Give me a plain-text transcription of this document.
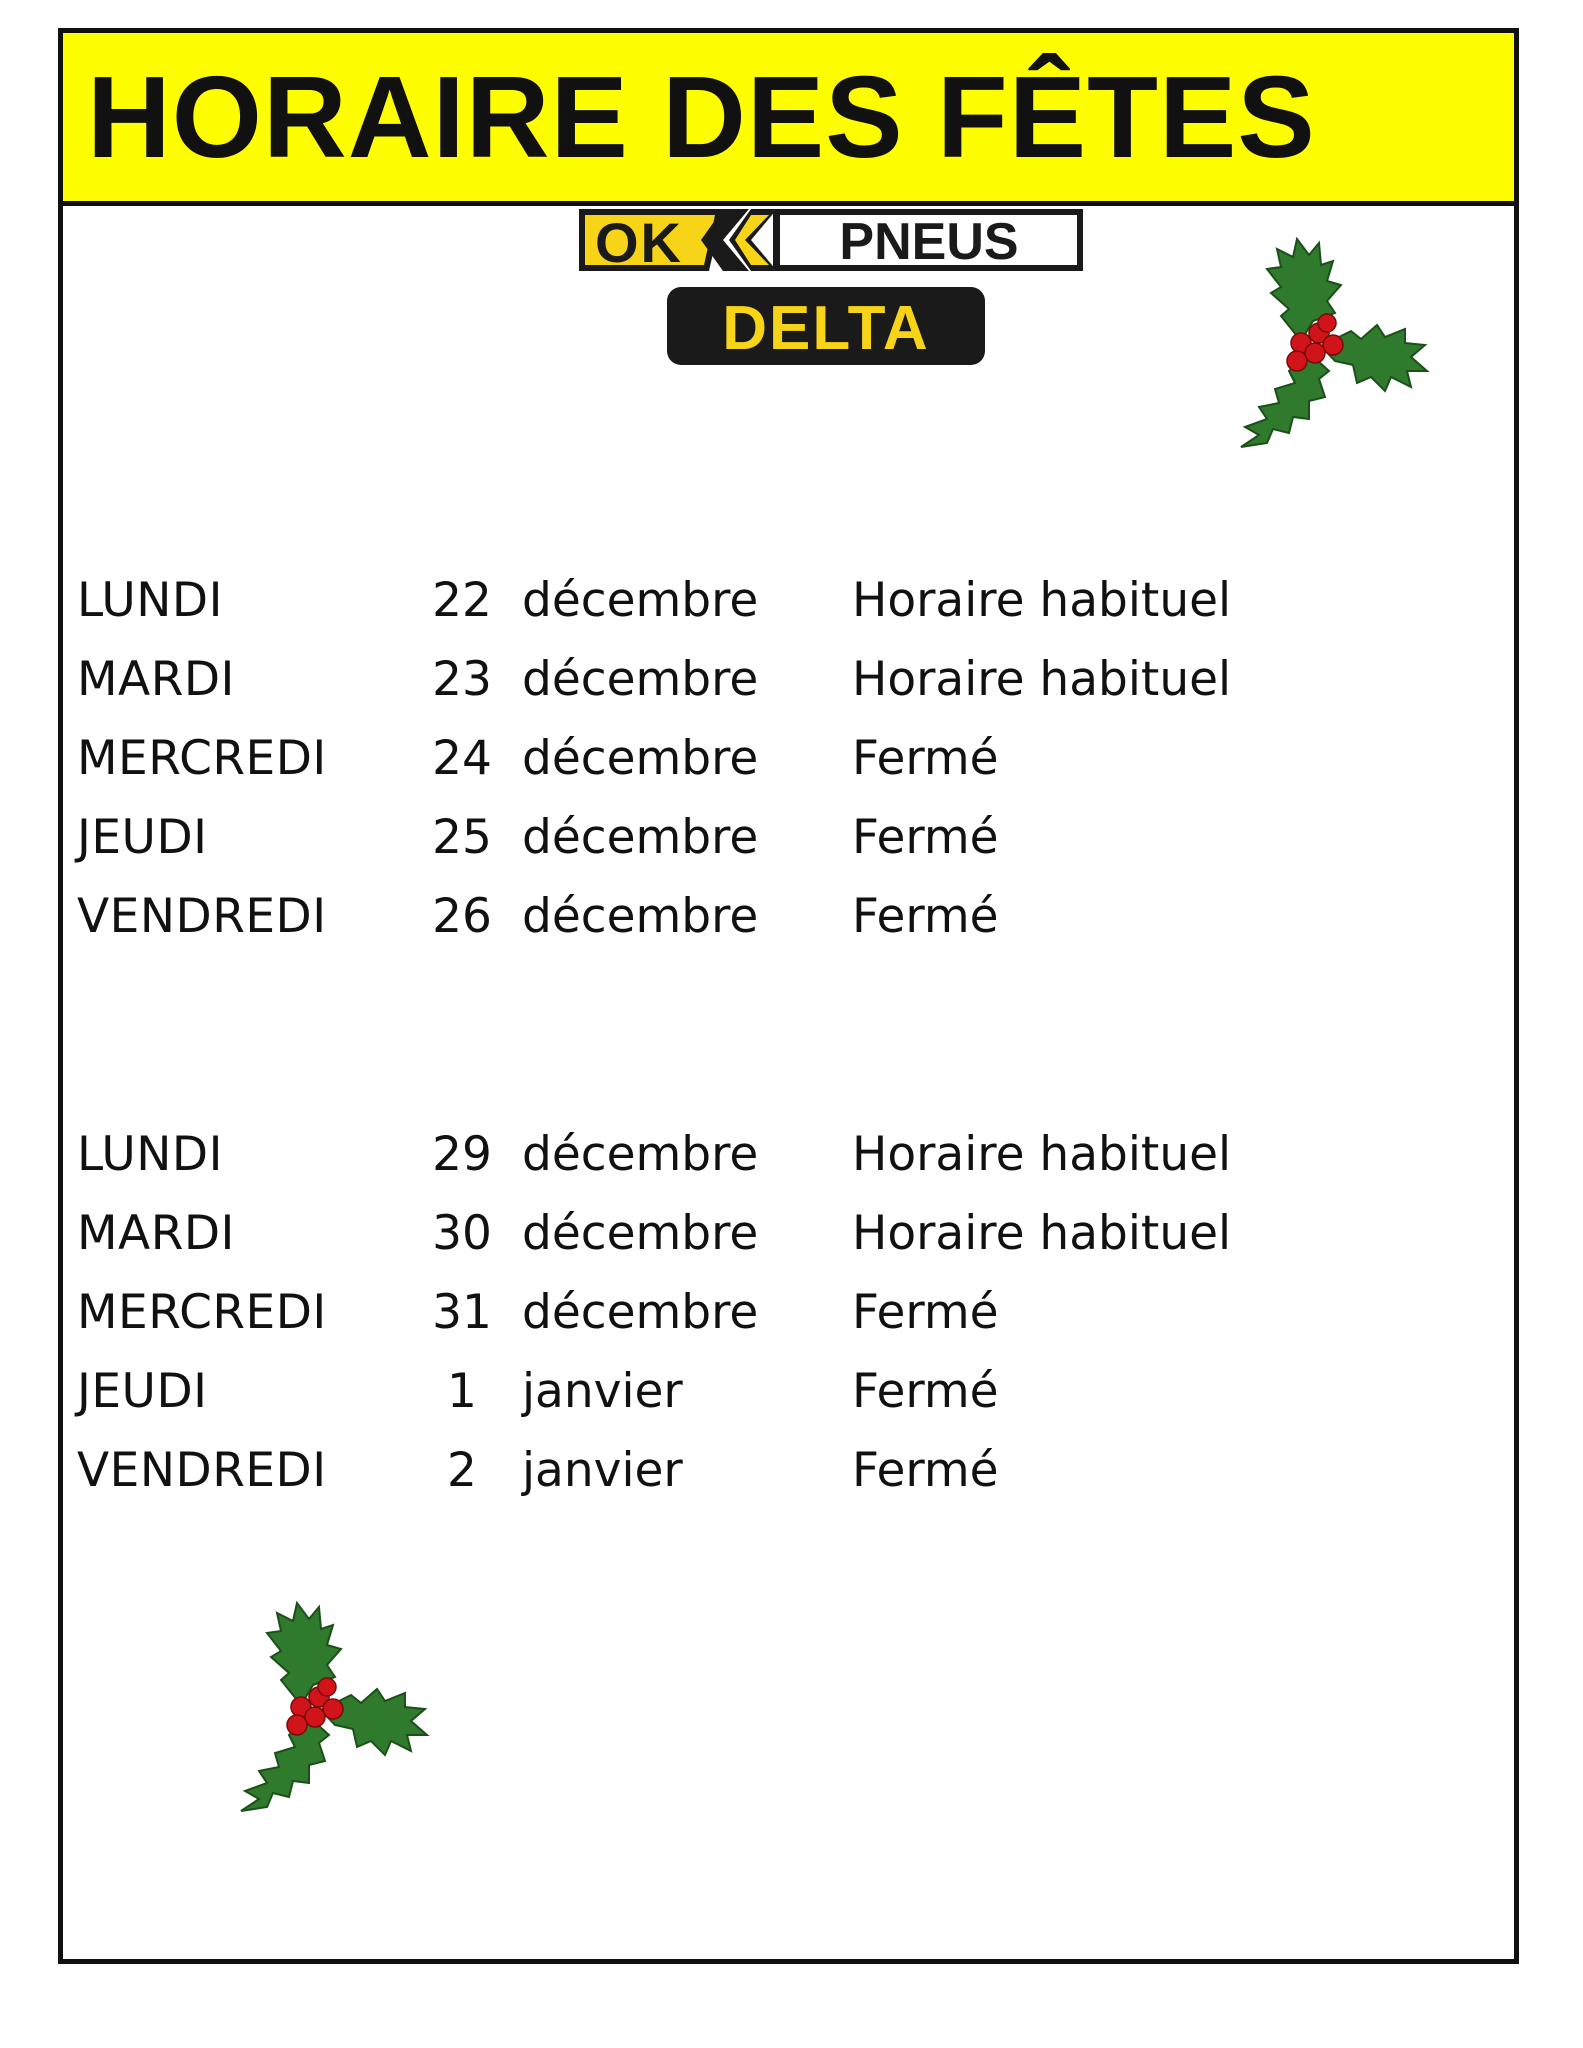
HORAIRE DES FÊTES
OK	PNEUS
DELTA
LUNDI	22 décembre	Horaire habituel
MARDI	23 décembre	Horaire habituel
MERCREDI	24 décembre	Fermé
JEUDI	25 décembre	Fermé
VENDREDI	26 décembre	Fermé
LUNDI	29 décembre	Horaire habituel
MARDI	30 décembre	Horaire habituel
MERCREDI	31 décembre	Fermé
JEUDI	1 janvier	Fermé
VENDREDI	2 janvier	Fermé
